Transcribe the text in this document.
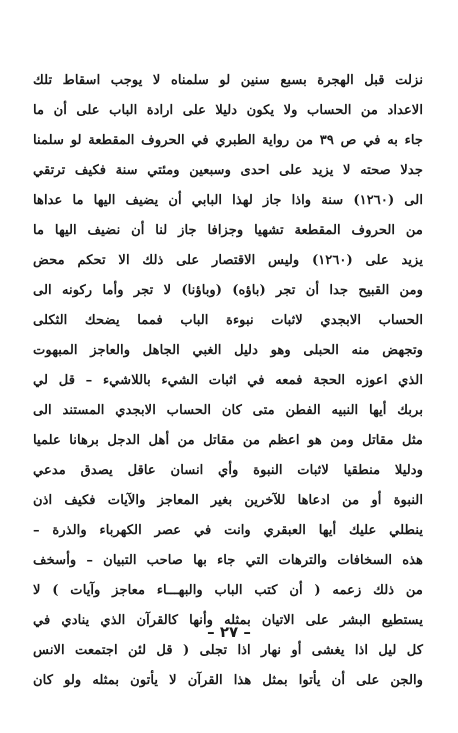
نزلت قبل الهجرة بسبع سنين لو سلمناه لا يوجب اسقاط تلك
الاعداد من الحساب ولا يكون دليلا على ارادة الباب على أن ما
جاء به في ص ٣٩ من رواية الطبري في الحروف المقطعة لو سلمنا
جدلا صحته لا يزيد على احدى وسبعين ومئتي سنة فكيف ترتقي
الى (١٢٦٠) سنة واذا جاز لهذا البابي أن يضيف اليها ما عداها
من الحروف المقطعة تشهيا وجزافا جاز لنا أن نضيف اليها ما
يزيد على (١٢٦٠) وليس الاقتصار على ذلك الا تحكم محض
ومن القبيح جدا أن تجر (باؤه) (وباؤنا) لا تجر وأما ركونه الى
الحساب الابجدي لاثبات نبوءة الباب فمما يضحك الثكلى
وتجهض منه الحبلى وهو دليل الغبي الجاهل والعاجز المبهوت
الذي اعوزه الحجة فمعه في اثبات الشيء باللاشيء – قل لي
بربك أيها النبيه الفطن متى كان الحساب الابجدي المستند الى
مثل مقاتل ومن هو اعظم من مقاتل من أهل الدجل برهانا علميا
ودليلا منطقيا لاثبات النبوة وأي انسان عاقل يصدق مدعي
النبوة أو من ادعاها للآخرين بغير المعاجز والآيات فكيف اذن
ينطلي عليك أيها العبقري وانت في عصر الكهرباء والذرة –
هذه السخافات والترهات التي جاء بها صاحب التبيان – وأسخف
من ذلك زعمه ( أن كتب الباب والبهـــاء معاجز وآيات ) لا
يستطيع البشر على الاتيان بمثله وأنها كالقرآن الذي ينادي في
كل ليل اذا يغشى أو نهار اذا تجلى ( قل لئن اجتمعت الانس
والجن على أن يأتوا بمثل هذا القرآن لا يأتون بمثله ولو كان
– ٢٧ –
